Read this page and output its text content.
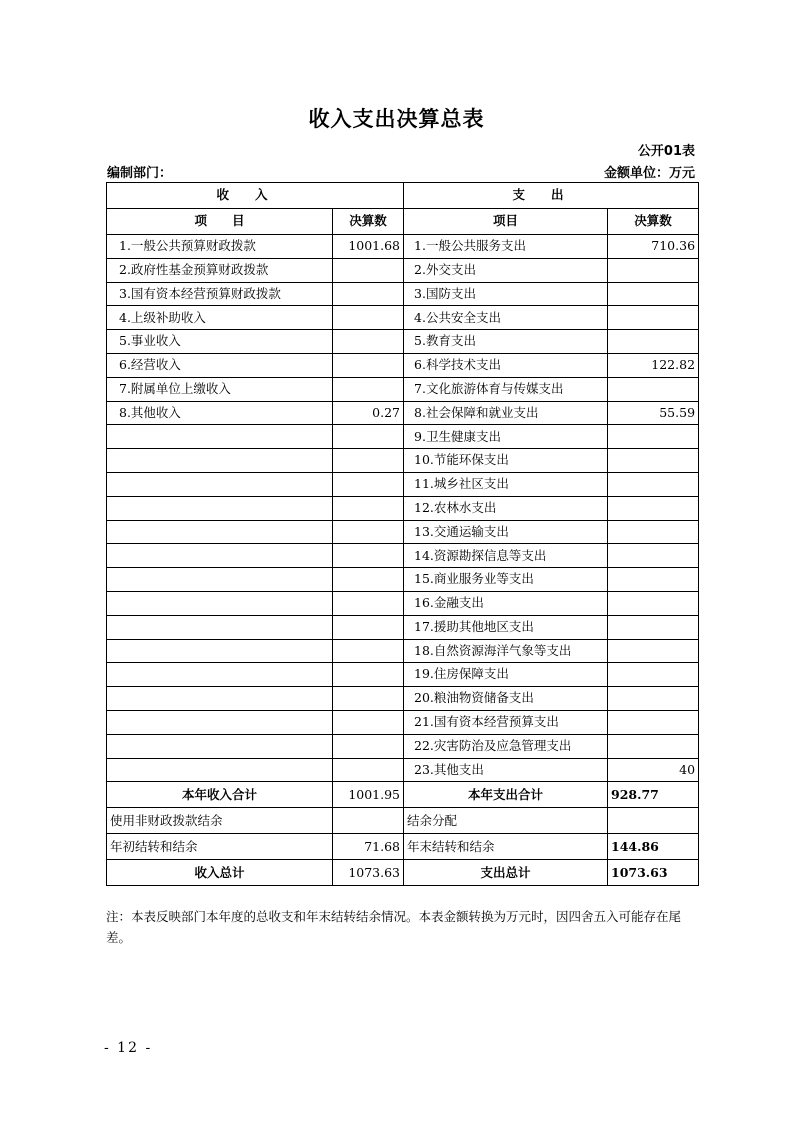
收入支出决算总表
公开01表
编制部门：	金额单位：万元
收入		支出	
项　　目	决算数	项目	决算数
1.一般公共预算财政拨款	1001.68	1.一般公共服务支出	710.36
2.政府性基金预算财政拨款		2.外交支出	
3.国有资本经营预算财政拨款		3.国防支出	
4.上级补助收入		4.公共安全支出	
5.事业收入		5.教育支出	
6.经营收入		6.科学技术支出	122.82
7.附属单位上缴收入		7.文化旅游体育与传媒支出	
8.其他收入	0.27	8.社会保障和就业支出	55.59
		9.卫生健康支出	
		10.节能环保支出	
		11.城乡社区支出	
		12.农林水支出	
		13.交通运输支出	
		14.资源勘探信息等支出	
		15.商业服务业等支出	
		16.金融支出	
		17.援助其他地区支出	
		18.自然资源海洋气象等支出	
		19.住房保障支出	
		20.粮油物资储备支出	
		21.国有资本经营预算支出	
		22.灾害防治及应急管理支出	
		23.其他支出	40
本年收入合计	1001.95	本年支出合计	928.77
使用非财政拨款结余		结余分配	
年初结转和结余	71.68	年末结转和结余	144.86
收入总计	1073.63	支出总计	1073.63
注：本表反映部门本年度的总收支和年末结转结余情况。本表金额转换为万元时，因四舍五入可能存在尾差。
- 12 -
